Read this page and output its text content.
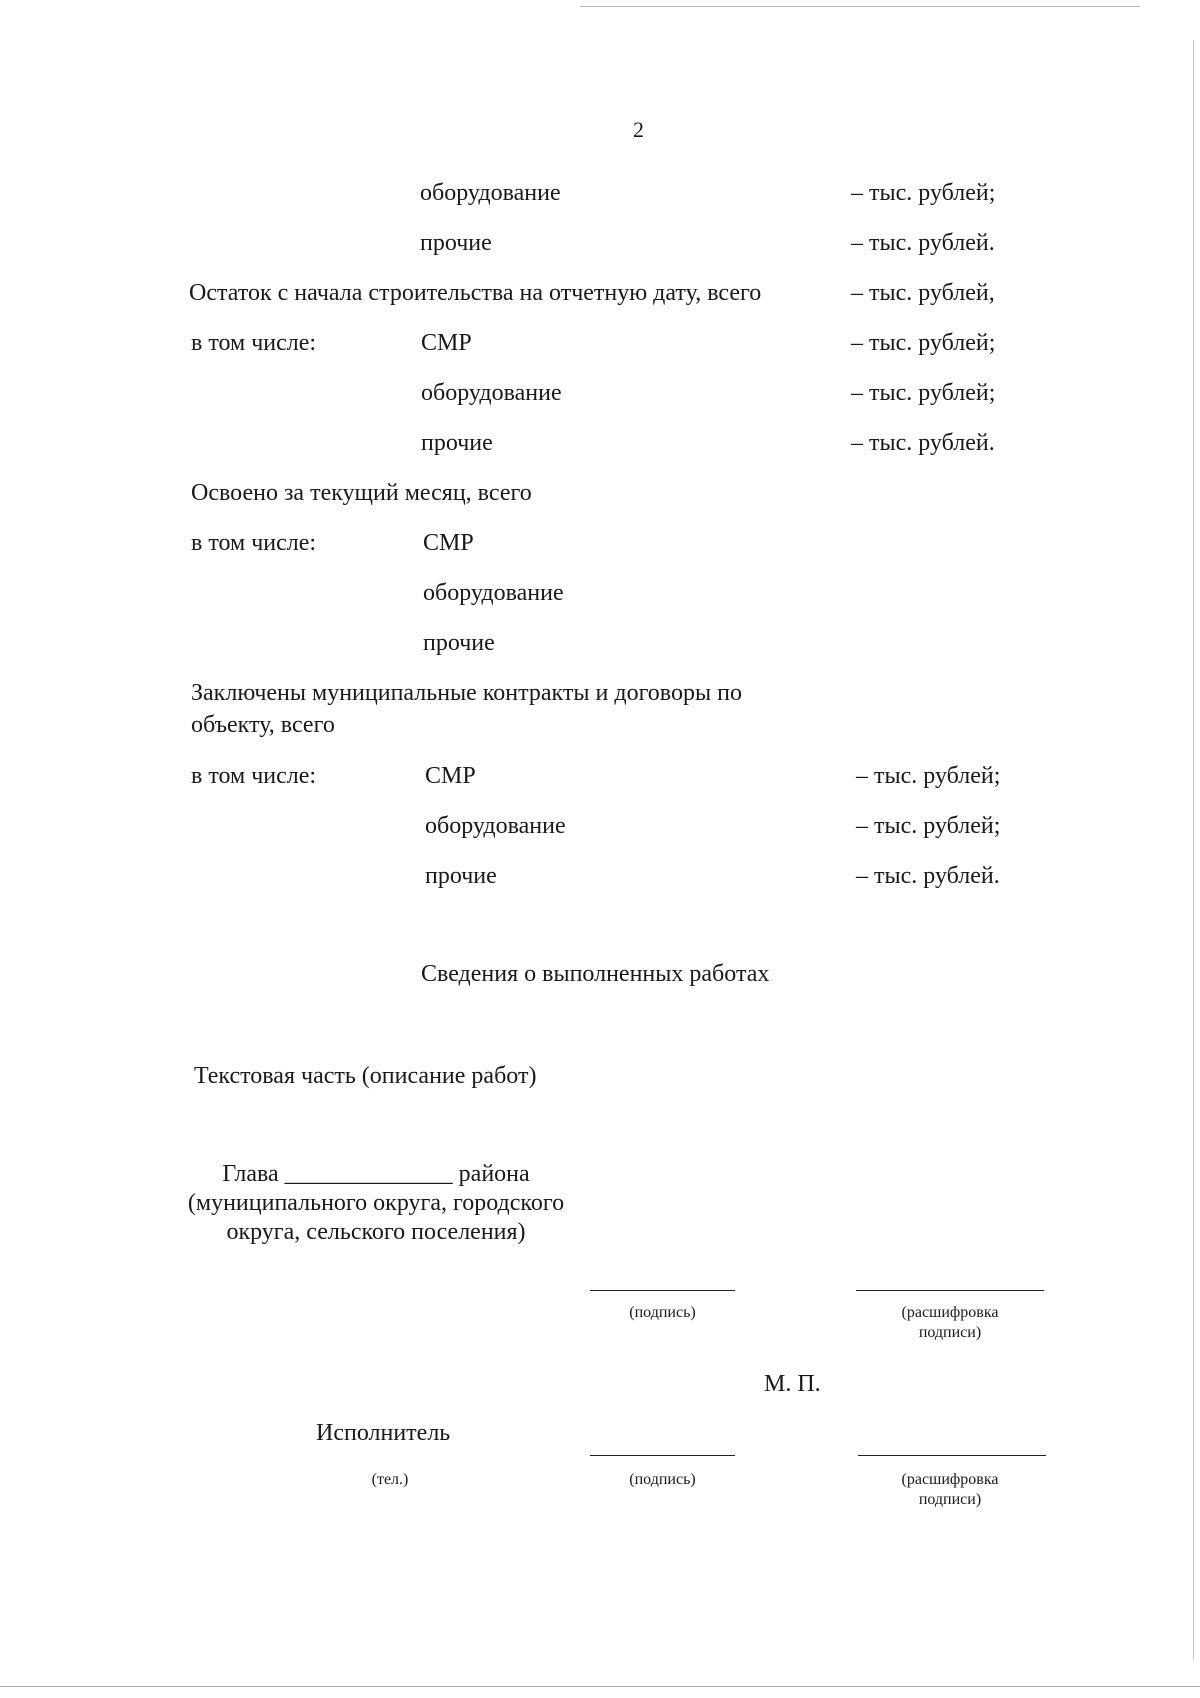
2
оборудование	– тыс. рублей;
прочие	– тыс. рублей.
Остаток с начала строительства на отчетную дату, всего	– тыс. рублей,
в том числе:	СМР	– тыс. рублей;
оборудование	– тыс. рублей;
прочие	– тыс. рублей.
Освоено за текущий месяц, всего
в том числе:	СМР
оборудование
прочие
Заключены муниципальные контракты и договоры по объекту, всего
в том числе:	СМР	– тыс. рублей;
оборудование	– тыс. рублей;
прочие	– тыс. рублей.
Сведения о выполненных работах
Текстовая часть (описание работ)
Глава ______________ района (муниципального округа, городского округа, сельского поселения)
(подпись)	(расшифровка подписи)
М. П.
Исполнитель
(тел.)	(подпись)	(расшифровка подписи)
